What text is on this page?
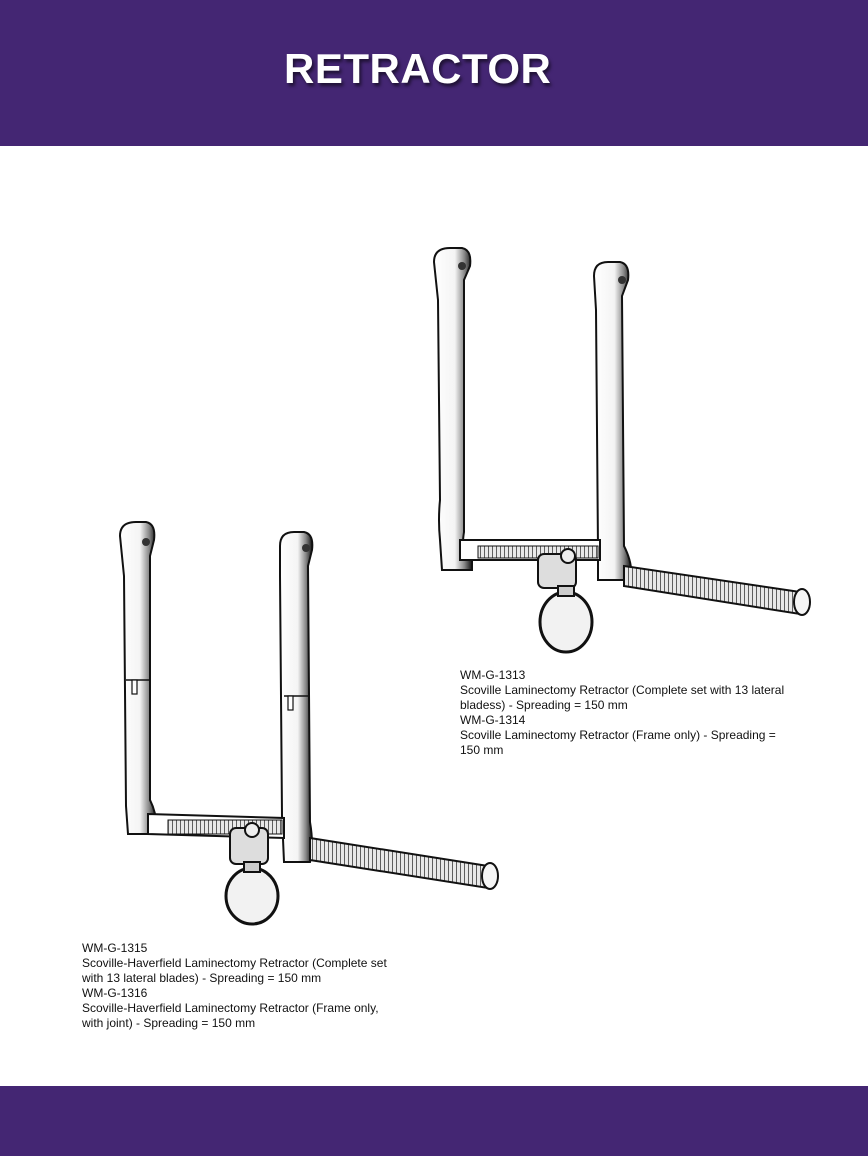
RETRACTOR
WM-G-1313
Scoville Laminectomy Retractor (Complete set with 13 lateral bladess) - Spreading = 150 mm
WM-G-1314
Scoville Laminectomy Retractor (Frame only) - Spreading = 150 mm
WM-G-1315
Scoville-Haverfield Laminectomy Retractor (Complete set with 13 lateral blades) - Spreading = 150 mm
WM-G-1316
Scoville-Haverfield Laminectomy Retractor (Frame only, with joint) - Spreading = 150 mm
